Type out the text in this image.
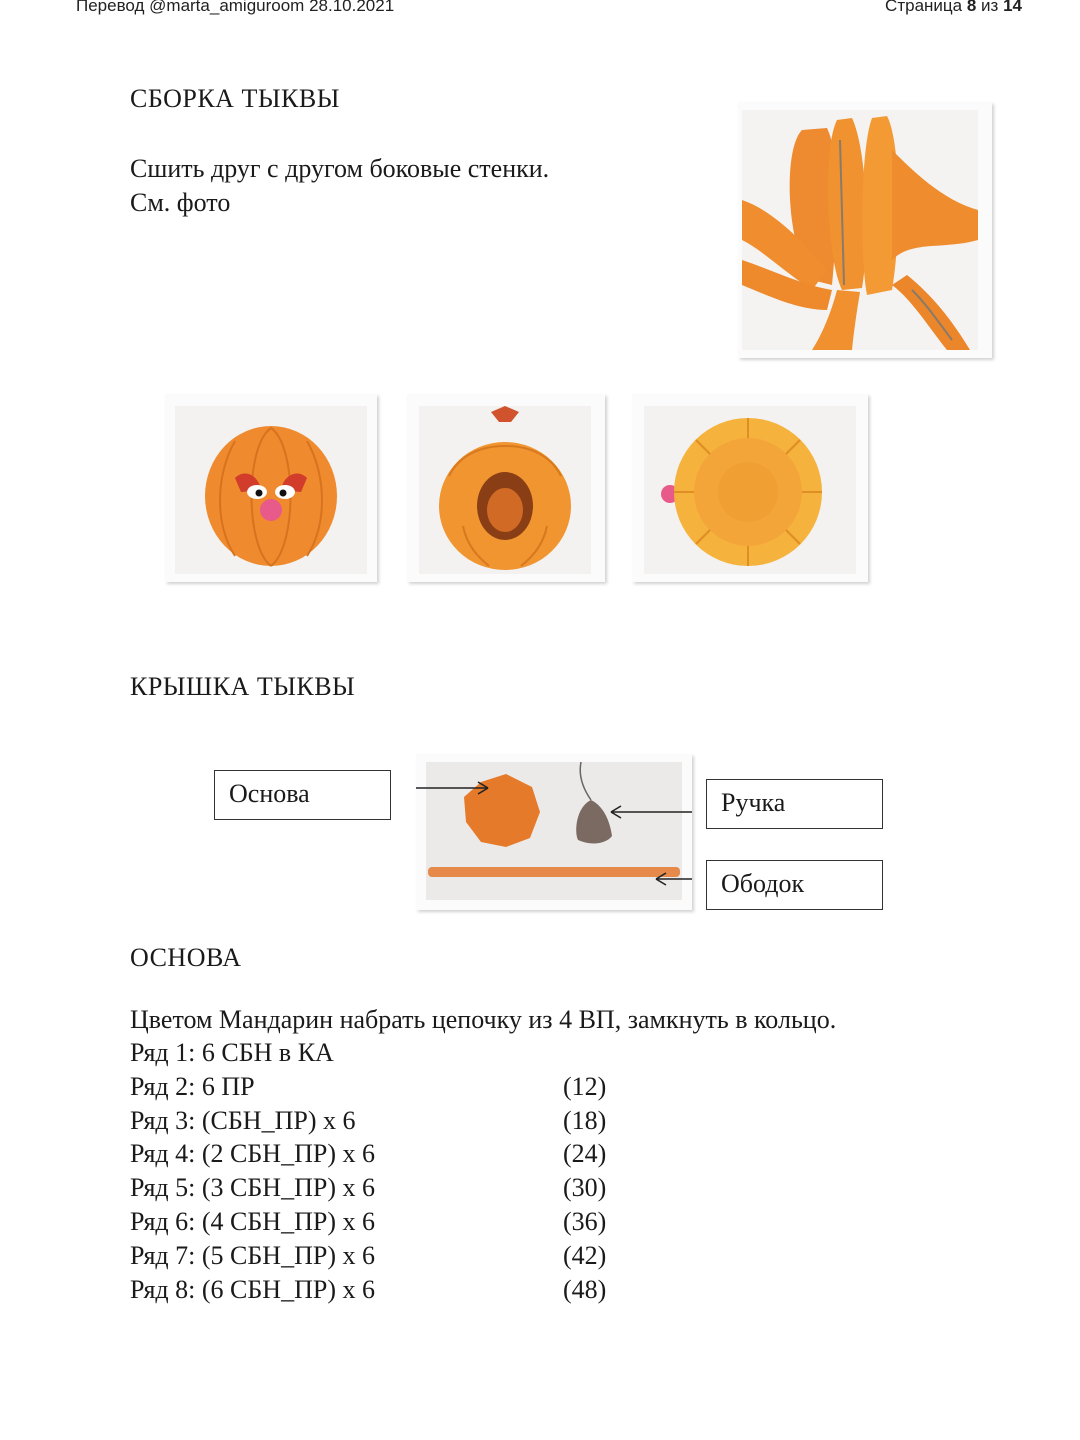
Перевод @marta_amiguroom 28.10.2021	Страница 8 из 14
СБОРКА ТЫКВЫ
Сшить друг с другом боковые стенки.
См. фото
КРЫШКА ТЫКВЫ
Основа	Ручка
Ободок
ОСНОВА
Цветом Мандарин набрать цепочку из 4 ВП, замкнуть в кольцо.
Ряд 1: 6 СБН в КА
Ряд 2: 6 ПР	(12)
Ряд 3: (СБН_ПР) х 6	(18)
Ряд 4: (2 СБН_ПР) х 6	(24)
Ряд 5: (3 СБН_ПР) х 6	(30)
Ряд 6: (4 СБН_ПР) х 6	(36)
Ряд 7: (5 СБН_ПР) х 6	(42)
Ряд 8: (6 СБН_ПР) х 6	(48)
